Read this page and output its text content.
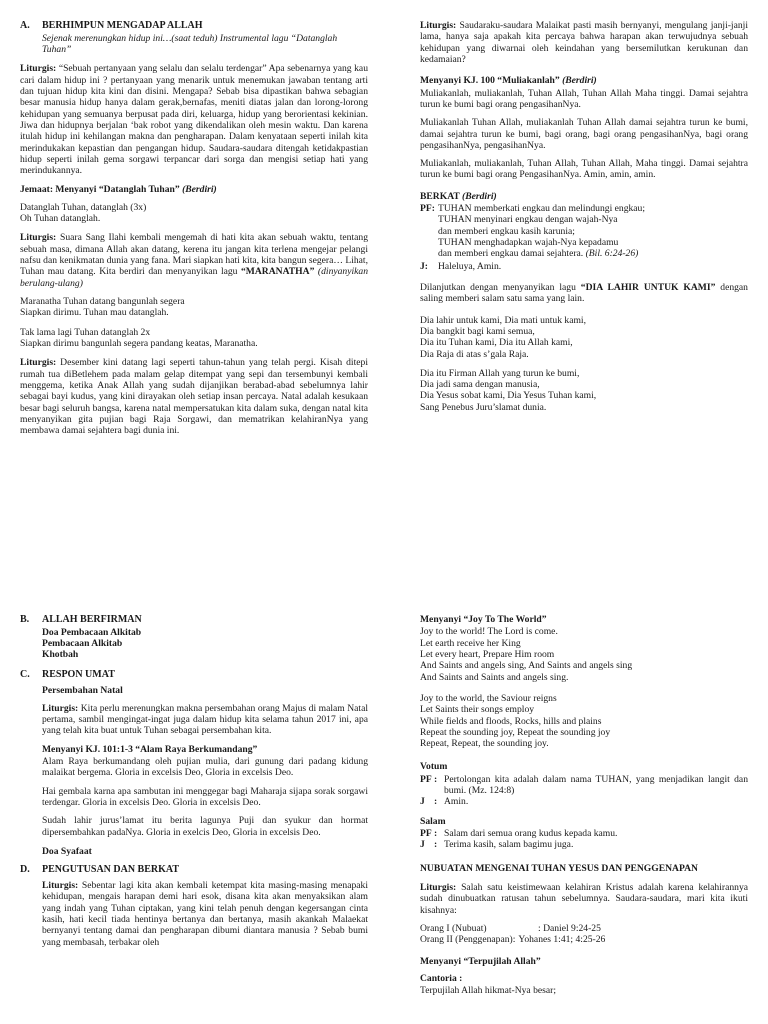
A.	BERHIMPUN MENGADAP ALLAH
Sejenak merenungkan hidup ini…(saat teduh) Instrumental lagu “Datanglah Tuhan”

Liturgis: “Sebuah pertanyaan yang selalu dan selalu terdengar” Apa sebenarnya yang kau cari dalam hidup ini ? pertanyaan yang menarik untuk menemukan jawaban tentang arti dan tujuan hidup kita kini dan disini. Mengapa? Sebab bisa dipastikan bahwa sebagian besar manusia hidup hanya dalam gerak,bernafas, meniti diatas jalan dan lorong-lorong kehidupan yang semuanya berpusat pada diri, keluarga, hidup yang berorientasi kekinian. Jiwa dan hidupnya berjalan ‘bak robot yang dikendalikan oleh mesin waktu. Dan karena itulah hidup ini kehilangan makna dan pengharapan. Dalam kenyataan seperti inilah kita merindukakan kepastian dan pengangan hidup. Saudara-saudara ditengah ketidakpastian hidup seperti inilah gema sorgawi terpancar dari sorga dan mengisi setiap hati yang merindukannya.

Jemaat: Menyanyi “Datanglah Tuhan” (Berdiri)

Datanglah Tuhan, datanglah (3x)
Oh Tuhan datanglah.

Liturgis: Suara Sang Ilahi kembali mengemah di hati kita akan sebuah waktu, tentang sebuah masa, dimana Allah akan datang, kerena itu jangan kita terlena mengejar pelangi nafsu dan kenikmatan dunia yang fana. Mari siapkan hati kita, kita bangun segera… Lihat, Tuhan mau datang. Kita berdiri dan menyanyikan lagu “MARANATHA” (dinyanyikan berulang-ulang)

Maranatha Tuhan datang bangunlah segera
Siapkan dirimu. Tuhan mau datanglah.
Tak lama lagi Tuhan datanglah 2x
Siapkan dirimu bangunlah segera pandang keatas, Maranatha.

Liturgis: Desember kini datang lagi seperti tahun-tahun yang telah pergi. Kisah ditepi rumah tua diBetlehem pada malam gelap ditempat yang sepi dan tersembunyi kembali menggema, ketika Anak Allah yang sudah dijanjikan berabad-abad sebelumnya lahir sebagai bayi kudus, yang kini dirayakan oleh setiap insan percaya. Natal adalah kesukaan besar bagi seluruh bangsa, karena natal mempersatukan kita dalam suka, dengan natal kita menyanyikan gita pujian bagi Raja Sorgawi, dan mematrikan kelahiranNya yang membawa damai sejahtera bagi dunia ini.

Liturgis: Saudaraku-saudara Malaikat pasti masih bernyanyi, mengulang janji-janji lama, hanya saja apakah kita percaya bahwa harapan akan terwujudnya sebuah kehidupan yang diwarnai oleh keindahan yang bersemilutkan kerukunan dan kedamaian?

Menyanyi KJ. 100 “Muliakanlah” (Berdiri)

Muliakanlah, muliakanlah, Tuhan Allah, Tuhan Allah Maha tinggi. Damai sejahtra turun ke bumi bagi orang pengasihanNya.

Muliakanlah Tuhan Allah, muliakanlah Tuhan Allah damai sejahtra turun ke bumi, damai sejahtra turun ke bumi, bagi orang, bagi orang pengasihanNya, bagi orang pengasihanNya, pengasihanNya.

Muliakanlah, muliakanlah, Tuhan Allah, Tuhan Allah, Maha tinggi. Damai sejahtra turun ke bumi bagi orang PengasihanNya. Amin, amin, amin.

BERKAT (Berdiri)
PF: TUHAN memberkati engkau dan melindungi engkau;
TUHAN menyinari engkau dengan wajah-Nya
dan memberi engkau kasih karunia;
TUHAN menghadapkan wajah-Nya kepadamu
dan memberi engkau damai sejahtera. (Bil. 6:24-26)
J:	Haleluya, Amin.

Dilanjutkan dengan menyanyikan lagu “DIA LAHIR UNTUK KAMI” dengan saling memberi salam satu sama yang lain.

Dia lahir untuk kami, Dia mati untuk kami,
Dia bangkit bagi kami semua,
Dia itu Tuhan kami, Dia itu Allah kami,
Dia Raja di atas s’gala Raja.
Dia itu Firman Allah yang turun ke bumi,
Dia jadi sama dengan manusia,
Dia Yesus sobat kami, Dia Yesus Tuhan kami,
Sang Penebus Juru’slamat dunia.
B.	ALLAH BERFIRMAN
Doa Pembacaan Alkitab
Pembacaan Alkitab
Khotbah
C.	RESPON UMAT

Persembahan Natal

Liturgis: Kita perlu merenungkan makna persembahan orang Majus di malam Natal pertama, sambil mengingat-ingat juga dalam hidup kita selama tahun 2017 ini, apa yang telah kita buat untuk Tuhan sebagai persembahan kita.

Menyanyi KJ. 101:1-3 “Alam Raya Berkumandang”

Alam Raya berkumandang oleh pujian mulia, dari gunung dari padang kidung malaikat bergema. Gloria in excelsis Deo, Gloria in excelsis Deo.

Hai gembala karna apa sambutan ini menggegar bagi Maharaja sijapa sorak sorgawi terdengar. Gloria in excelsis Deo. Gloria in excelsis Deo.

Sudah lahir jurus’lamat itu berita lagunya Puji dan syukur dan hormat dipersembahkan padaNya. Gloria in exelcis Deo, Gloria in excelsis Deo.

Doa Syafaat

D.	PENGUTUSAN DAN BERKAT

Liturgis: Sebentar lagi kita akan kembali ketempat kita masing-masing menapaki kehidupan, mengais harapan demi hari esok, disana kita akan menyaksikan alam yang indah yang Tuhan ciptakan, yang kini telah penuh dengan kegersangan cinta kasih, hati kecil tiada hentinya bertanya dan bertanya, masih akankah Malaekat bernyanyi tentang damai dan pengharapan dibumi diantara manusia ? Sebab bumi yang membasah, terbakar oleh

Menyanyi “Joy To The World”
Joy to the world! The Lord is come.
Let earth receive her King
Let every heart, Prepare Him room
And Saints and angels sing, And Saints and angels sing
And Saints and Saints and angels sing.
Joy to the world, the Saviour reigns
Let Saints their songs employ
While fields and floods, Rocks, hills and plains
Repeat the sounding joy, Repeat the sounding joy
Repeat, Repeat, the sounding joy.
Votum
PF : Pertolongan kita adalah dalam nama TUHAN, yang menjadikan langit dan bumi. (Mz. 124:8)
J : Amin.
Salam
PF : Salam dari semua orang kudus kepada kamu.
J : Terima kasih, salam bagimu juga.
NUBUATAN MENGENAI TUHAN YESUS DAN PENGGENAPAN

Liturgis: Salah satu keistimewaan kelahiran Kristus adalah karena kelahirannya sudah dinubuatkan ratusan tahun sebelumnya. Saudara-saudara, mari kita ikuti kisahnya:

Orang I (Nubuat)	: Daniel 9:24-25
Orang II (Penggenapan): Yohanes 1:41; 4:25-26
Menyanyi “Terpujilah Allah”
Cantoria :
Terpujilah Allah hikmat-Nya besar;
